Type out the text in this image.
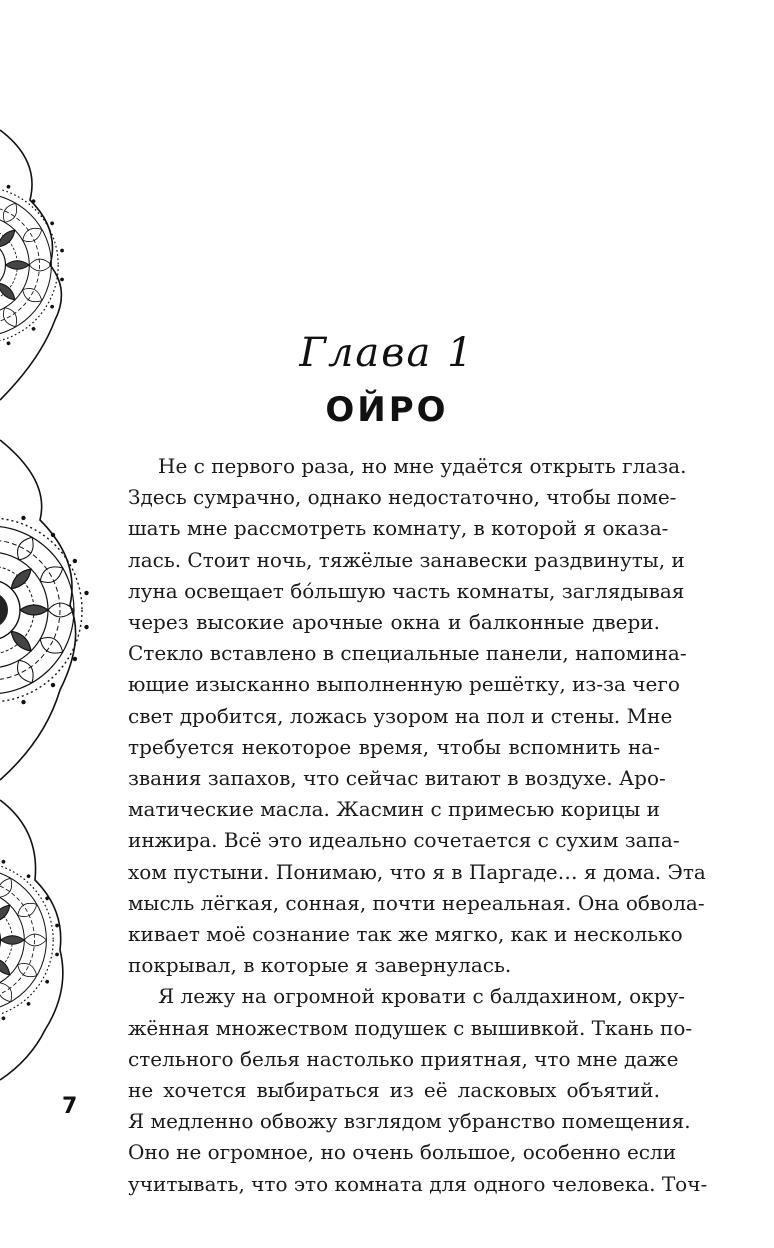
Глава 1
ОЙРО
Не с первого раза, но мне удаётся открыть глаза.
Здесь сумрачно, однако недостаточно, чтобы поме-
шать мне рассмотреть комнату, в которой я оказа-
лась. Стоит ночь, тяжёлые занавески раздвинуты, и
луна освещает бо́льшую часть комнаты, заглядывая
через высокие арочные окна и балконные двери.
Стекло вставлено в специальные панели, напомина-
ющие изысканно выполненную решётку, из-за чего
свет дробится, ложась узором на пол и стены. Мне
требуется некоторое время, чтобы вспомнить на-
звания запахов, что сейчас витают в воздухе. Аро-
матические масла. Жасмин с примесью корицы и
инжира. Всё это идеально сочетается с сухим запа-
хом пустыни. Понимаю, что я в Паргаде… я дома. Эта
мысль лёгкая, сонная, почти нереальная. Она обвола-
кивает моё сознание так же мягко, как и несколько
покрывал, в которые я завернулась.
Я лежу на огромной кровати с балдахином, окру-
жённая множеством подушек с вышивкой. Ткань по-
стельного белья настолько приятная, что мне даже
не хочется выбираться из её ласковых объятий.
Я медленно обвожу взглядом убранство помещения.
Оно не огромное, но очень большое, особенно если
учитывать, что это комната для одного человека. Точ-
7
